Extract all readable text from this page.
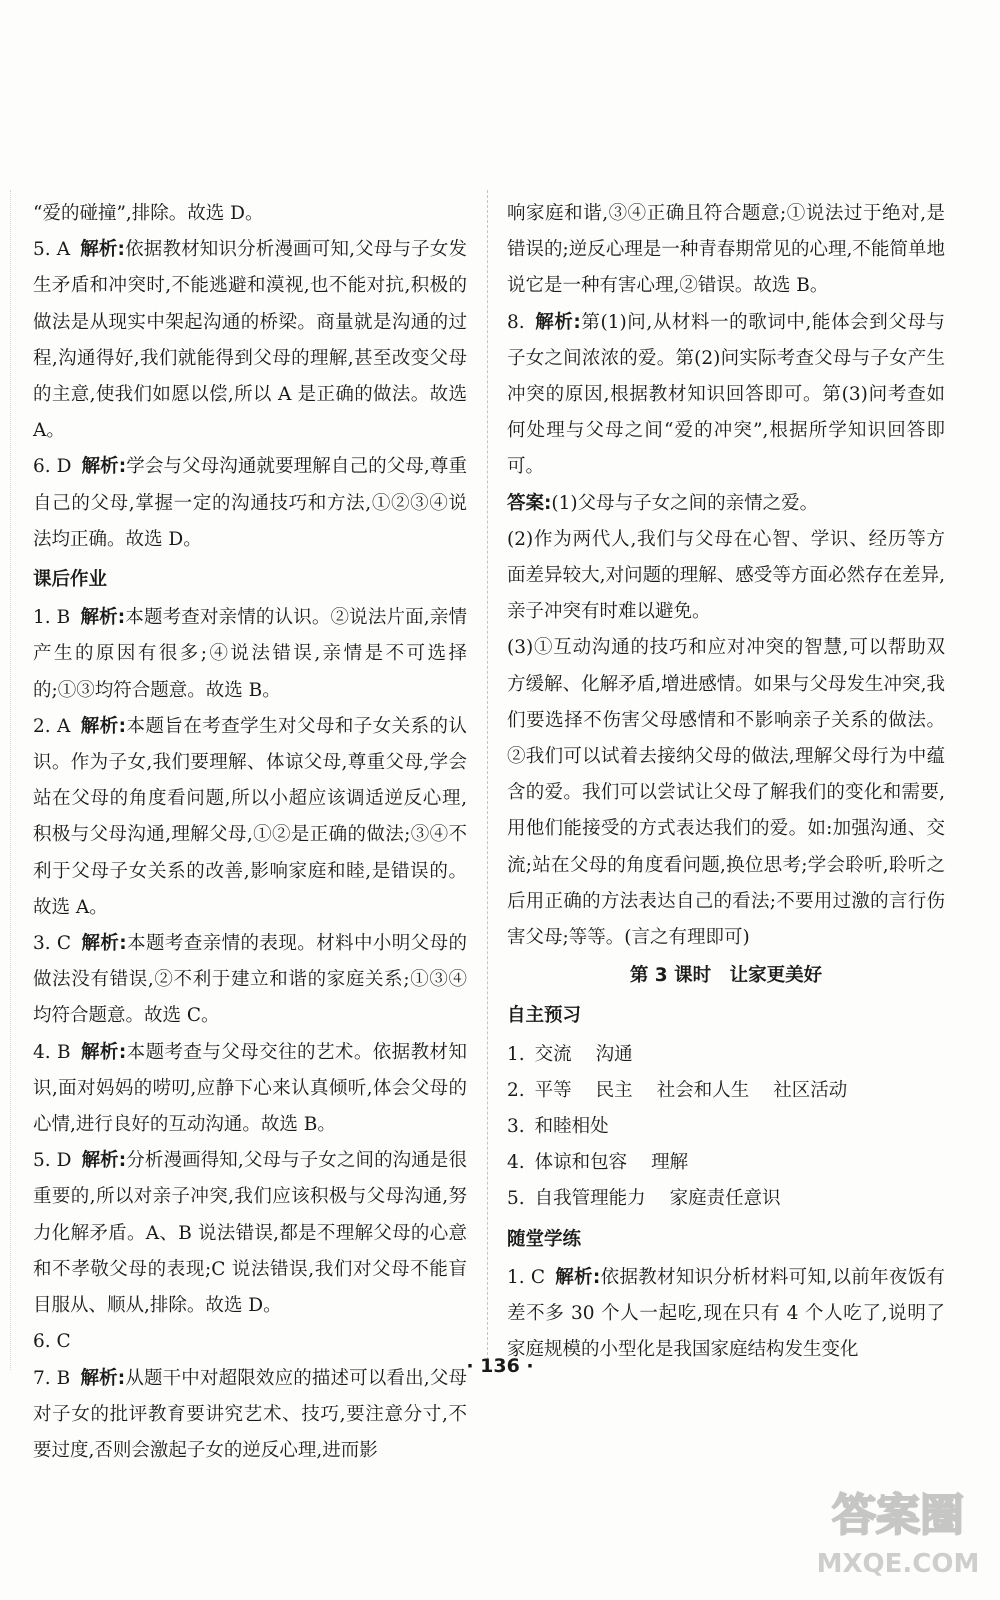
“爱的碰撞”,排除。故选 D。

5. A 解析:依据教材知识分析漫画可知,父母与子女发生矛盾和冲突时,不能逃避和漠视,也不能对抗,积极的做法是从现实中架起沟通的桥梁。商量就是沟通的过程,沟通得好,我们就能得到父母的理解,甚至改变父母的主意,使我们如愿以偿,所以 A 是正确的做法。故选 A。

6. D 解析:学会与父母沟通就要理解自己的父母,尊重自己的父母,掌握一定的沟通技巧和方法,①②③④说法均正确。故选 D。

课后作业

1. B 解析:本题考查对亲情的认识。②说法片面,亲情产生的原因有很多;④说法错误,亲情是不可选择的;①③均符合题意。故选 B。

2. A 解析:本题旨在考查学生对父母和子女关系的认识。作为子女,我们要理解、体谅父母,尊重父母,学会站在父母的角度看问题,所以小超应该调适逆反心理,积极与父母沟通,理解父母,①②是正确的做法;③④不利于父母子女关系的改善,影响家庭和睦,是错误的。故选 A。

3. C 解析:本题考查亲情的表现。材料中小明父母的做法没有错误,②不利于建立和谐的家庭关系;①③④均符合题意。故选 C。

4. B 解析:本题考查与父母交往的艺术。依据教材知识,面对妈妈的唠叨,应静下心来认真倾听,体会父母的心情,进行良好的互动沟通。故选 B。

5. D 解析:分析漫画得知,父母与子女之间的沟通是很重要的,所以对亲子冲突,我们应该积极与父母沟通,努力化解矛盾。A、B 说法错误,都是不理解父母的心意和不孝敬父母的表现;C 说法错误,我们对父母不能盲目服从、顺从,排除。故选 D。

6. C

7. B 解析:从题干中对超限效应的描述可以看出,父母对子女的批评教育要讲究艺术、技巧,要注意分寸,不要过度,否则会激起子女的逆反心理,进而影

响家庭和谐,③④正确且符合题意;①说法过于绝对,是错误的;逆反心理是一种青春期常见的心理,不能简单地说它是一种有害心理,②错误。故选 B。

8. 解析:第(1)问,从材料一的歌词中,能体会到父母与子女之间浓浓的爱。第(2)问实际考查父母与子女产生冲突的原因,根据教材知识回答即可。第(3)问考查如何处理与父母之间“爱的冲突”,根据所学知识回答即可。

答案:(1)父母与子女之间的亲情之爱。

(2)作为两代人,我们与父母在心智、学识、经历等方面差异较大,对问题的理解、感受等方面必然存在差异,亲子冲突有时难以避免。

(3)①互动沟通的技巧和应对冲突的智慧,可以帮助双方缓解、化解矛盾,增进感情。如果与父母发生冲突,我们要选择不伤害父母感情和不影响亲子关系的做法。②我们可以试着去接纳父母的做法,理解父母行为中蕴含的爱。我们可以尝试让父母了解我们的变化和需要,用他们能接受的方式表达我们的爱。如:加强沟通、交流;站在父母的角度看问题,换位思考;学会聆听,聆听之后用正确的方法表达自己的看法;不要用过激的言行伤害父母;等等。(言之有理即可)

第 3 课时　让家更美好
自主预习

1. 交流 沟通

2. 平等 民主 社会和人生 社区活动

3. 和睦相处

4. 体谅和包容 理解

5. 自我管理能力 家庭责任意识

随堂学练

1. C 解析:依据教材知识分析材料可知,以前年夜饭有差不多 30 个人一起吃,现在只有 4 个人吃了,说明了家庭规模的小型化是我国家庭结构发生变化

· 136 ·
答案圈
MXQE.COM
